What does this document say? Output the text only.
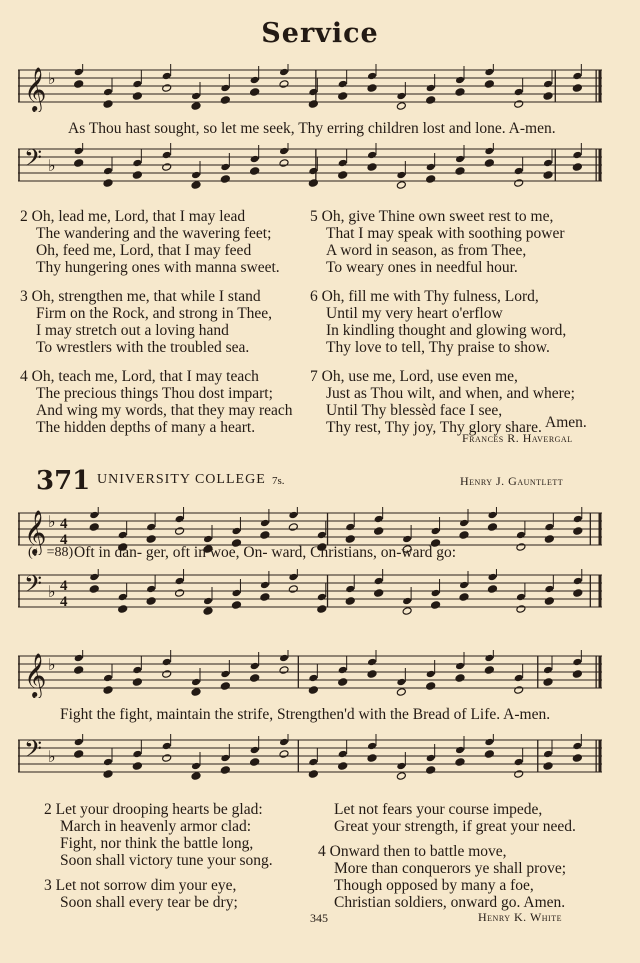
Service
𝄞 ♭
As Thou hast sought, so let me seek, Thy erring children lost and lone. A-men.
𝄢 ♭
2 Oh, lead me, Lord, that I may lead
The wandering and the wavering feet;
Oh, feed me, Lord, that I may feed
Thy hungering ones with manna sweet.
3 Oh, strengthen me, that while I stand
Firm on the Rock, and strong in Thee,
I may stretch out a loving hand
To wrestlers with the troubled sea.
4 Oh, teach me, Lord, that I may teach
The precious things Thou dost impart;
And wing my words, that they may reach
The hidden depths of many a heart.
5 Oh, give Thine own sweet rest to me,
That I may speak with soothing power
A word in season, as from Thee,
To weary ones in needful hour.
6 Oh, fill me with Thy fulness, Lord,
Until my very heart o'erflow
In kindling thought and glowing word,
Thy love to tell, Thy praise to show.
7 Oh, use me, Lord, use even me,
Just as Thou wilt, and when, and where;
Until Thy blessèd face I see,
Thy rest, Thy joy, Thy glory share. Amen.
Frances R. Havergal
371 UNIVERSITY COLLEGE 7s.	Henry J. Gauntlett
𝄞 ♭ 4
4
(♩=88) Oft in dan- ger, oft in woe, On- ward, Christians, on-ward go:
𝄢 ♭ 4
4
𝄞 ♭
Fight the fight, maintain the strife, Strengthen'd with the Bread of Life. A-men.
𝄢 ♭
2 Let your drooping hearts be glad:
March in heavenly armor clad:
Fight, nor think the battle long,
Soon shall victory tune your song.
3 Let not sorrow dim your eye,
Soon shall every tear be dry;
Let not fears your course impede,
Great your strength, if great your need.
4 Onward then to battle move,
More than conquerors ye shall prove;
Though opposed by many a foe,
Christian soldiers, onward go. Amen.
345	Henry K. White
